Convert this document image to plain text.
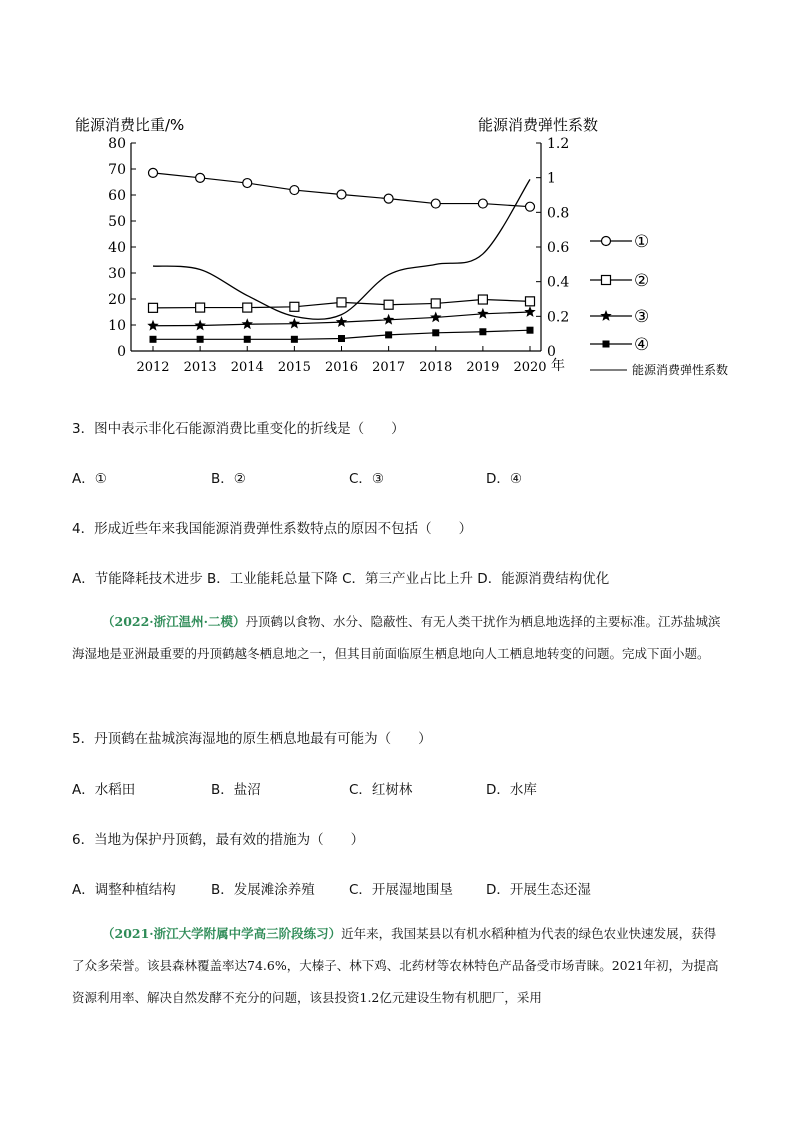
能源消费比重/%	能源消费弹性系数
0
10
20
30
40
50
60
70
80
0
0.2
0.4
0.6
0.8
1
1.2
2012 2013 2014 2015 2016 2017 2018 2019 2020 年
①
②
③
④
能源消费弹性系数
3．图中表示非化石能源消费比重变化的折线是（　　）
A．①	B．②	C．③	D．④
4．形成近些年来我国能源消费弹性系数特点的原因不包括（　　）
A．节能降耗技术进步 B．工业能耗总量下降 C．第三产业占比上升 D．能源消费结构优化
（2022·浙江温州·二模）丹顶鹤以食物、水分、隐蔽性、有无人类干扰作为栖息地选择的主要标准。江苏盐城滨海湿地是亚洲最重要的丹顶鹤越冬栖息地之一，但其目前面临原生栖息地向人工栖息地转变的问题。完成下面小题。
5．丹顶鹤在盐城滨海湿地的原生栖息地最有可能为（　　）
A．水稻田	B．盐沼	C．红树林	D．水库
6．当地为保护丹顶鹤，最有效的措施为（　　）
A．调整种植结构	B．发展滩涂养殖	C．开展湿地围垦 D．开展生态还湿
（2021·浙江大学附属中学高三阶段练习）近年来，我国某县以有机水稻种植为代表的绿色农业快速发展，获得了众多荣誉。该县森林覆盖率达74.6%，大榛子、林下鸡、北药材等农林特色产品备受市场青睐。2021年初，为提高资源利用率、解决自然发酵不充分的问题，该县投资1.2亿元建设生物有机肥厂，采用
